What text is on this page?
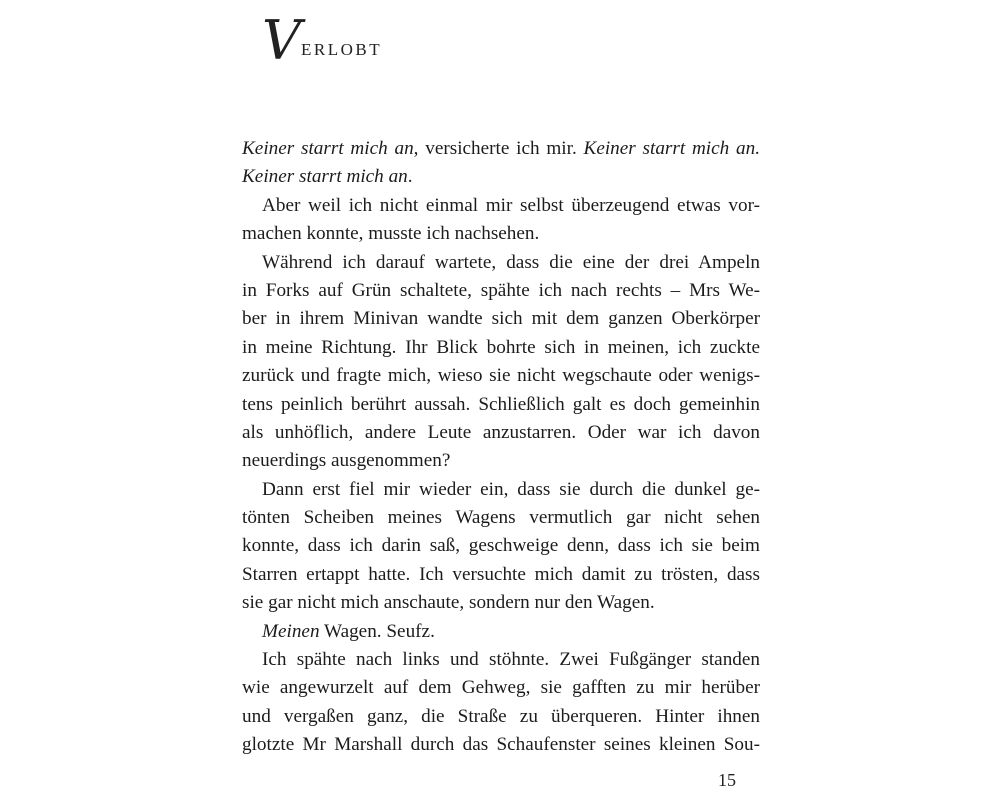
V ERLOBT
Keiner starrt mich an, versicherte ich mir. Keiner starrt mich an.
Keiner starrt mich an.
Aber weil ich nicht einmal mir selbst überzeugend etwas vor-
machen konnte, musste ich nachsehen.
Während ich darauf wartete, dass die eine der drei Ampeln
in Forks auf Grün schaltete, spähte ich nach rechts – Mrs We-
ber in ihrem Minivan wandte sich mit dem ganzen Oberkörper
in meine Richtung. Ihr Blick bohrte sich in meinen, ich zuckte
zurück und fragte mich, wieso sie nicht wegschaute oder wenigs-
tens peinlich berührt aussah. Schließlich galt es doch gemeinhin
als unhöflich, andere Leute anzustarren. Oder war ich davon
neuerdings ausgenommen?
Dann erst fiel mir wieder ein, dass sie durch die dunkel ge-
tönten Scheiben meines Wagens vermutlich gar nicht sehen
konnte, dass ich darin saß, geschweige denn, dass ich sie beim
Starren ertappt hatte. Ich versuchte mich damit zu trösten, dass
sie gar nicht mich anschaute, sondern nur den Wagen.
Meinen Wagen. Seufz.
Ich spähte nach links und stöhnte. Zwei Fußgänger standen
wie angewurzelt auf dem Gehweg, sie gafften zu mir herüber
und vergaßen ganz, die Straße zu überqueren. Hinter ihnen
glotzte Mr Marshall durch das Schaufenster seines kleinen Sou-
15
